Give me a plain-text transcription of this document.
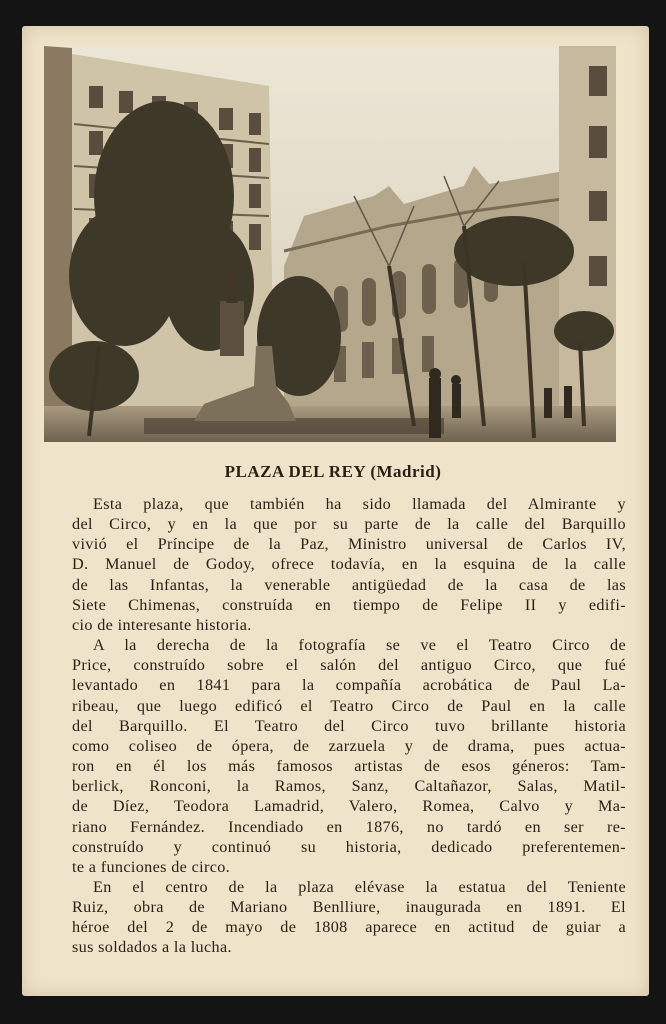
PLAZA DEL REY (Madrid)
Esta plaza, que también ha sido llamada del Almirante y
del Circo, y en la que por su parte de la calle del Barquillo
vivió el Príncipe de la Paz, Ministro universal de Carlos IV,
D. Manuel de Godoy, ofrece todavía, en la esquina de la calle
de las Infantas, la venerable antigüedad de la casa de las
Siete Chimenas, construída en tiempo de Felipe II y edifi-
cio de interesante historia.
A la derecha de la fotografía se ve el Teatro Circo de
Price, construído sobre el salón del antiguo Circo, que fué
levantado en 1841 para la compañía acrobática de Paul La-
ribeau, que luego edificó el Teatro Circo de Paul en la calle
del Barquillo. El Teatro del Circo tuvo brillante historia
como coliseo de ópera, de zarzuela y de drama, pues actua-
ron en él los más famosos artistas de esos géneros: Tam-
berlick, Ronconi, la Ramos, Sanz, Caltañazor, Salas, Matil-
de Díez, Teodora Lamadrid, Valero, Romea, Calvo y Ma-
riano Fernández. Incendiado en 1876, no tardó en ser re-
construído y continuó su historia, dedicado preferentemen-
te a funciones de circo.
En el centro de la plaza elévase la estatua del Teniente
Ruiz, obra de Mariano Benlliure, inaugurada en 1891. El
héroe del 2 de mayo de 1808 aparece en actitud de guiar a
sus soldados a la lucha.
